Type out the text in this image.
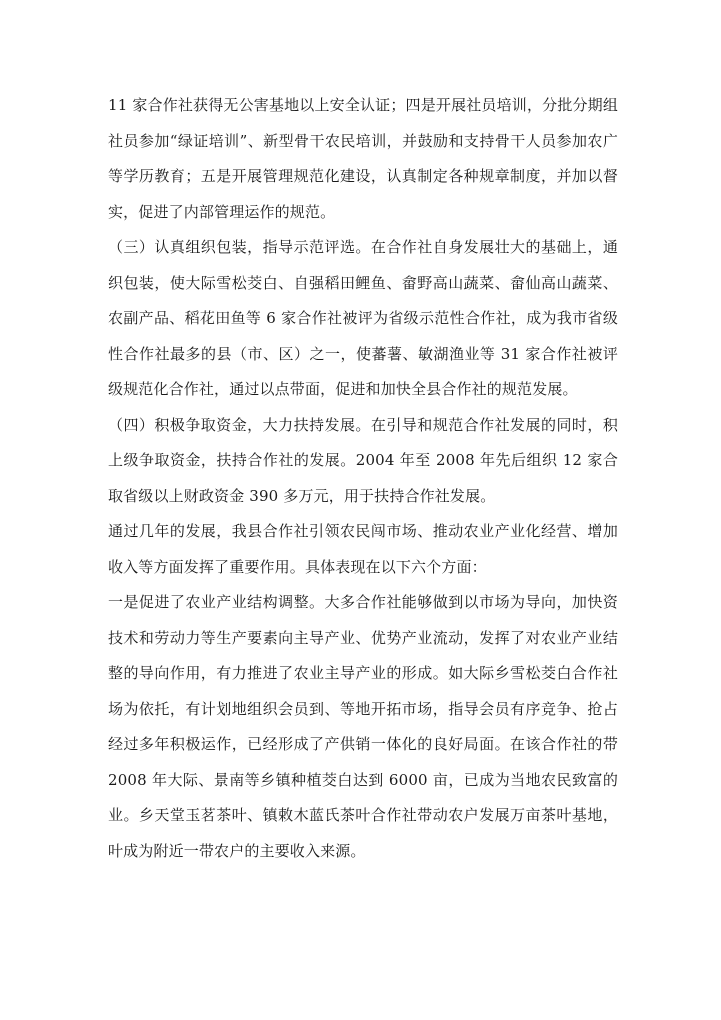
11 家合作社获得无公害基地以上安全认证；四是开展社员培训，分批分期组
社员参加“绿证培训”、新型骨干农民培训，并鼓励和支持骨干人员参加农广
等学历教育；五是开展管理规范化建设，认真制定各种规章制度，并加以督
实，促进了内部管理运作的规范。
（三）认真组织包装，指导示范评选。在合作社自身发展壮大的基础上，通
织包装，使大际雪松茭白、自强稻田鲤鱼、畲野高山蔬菜、畲仙高山蔬菜、
农副产品、稻花田鱼等 6 家合作社被评为省级示范性合作社，成为我市省级
性合作社最多的县（市、区）之一，使蕃薯、敏湖渔业等 31 家合作社被评
级规范化合作社，通过以点带面，促进和加快全县合作社的规范发展。
（四）积极争取资金，大力扶持发展。在引导和规范合作社发展的同时，积
上级争取资金，扶持合作社的发展。2004 年至 2008 年先后组织 12 家合
取省级以上财政资金 390 多万元，用于扶持合作社发展。
通过几年的发展，我县合作社引领农民闯市场、推动农业产业化经营、增加
收入等方面发挥了重要作用。具体表现在以下六个方面：
一是促进了农业产业结构调整。大多合作社能够做到以市场为导向，加快资
技术和劳动力等生产要素向主导产业、优势产业流动，发挥了对农业产业结
整的导向作用，有力推进了农业主导产业的形成。如大际乡雪松茭白合作社
场为依托，有计划地组织会员到、等地开拓市场，指导会员有序竞争、抢占
经过多年积极运作，已经形成了产供销一体化的良好局面。在该合作社的带
2008 年大际、景南等乡镇种植茭白达到 6000 亩，已成为当地农民致富的
业。乡天堂玉茗茶叶、镇敕木蓝氏茶叶合作社带动农户发展万亩茶叶基地，
叶成为附近一带农户的主要收入来源。
